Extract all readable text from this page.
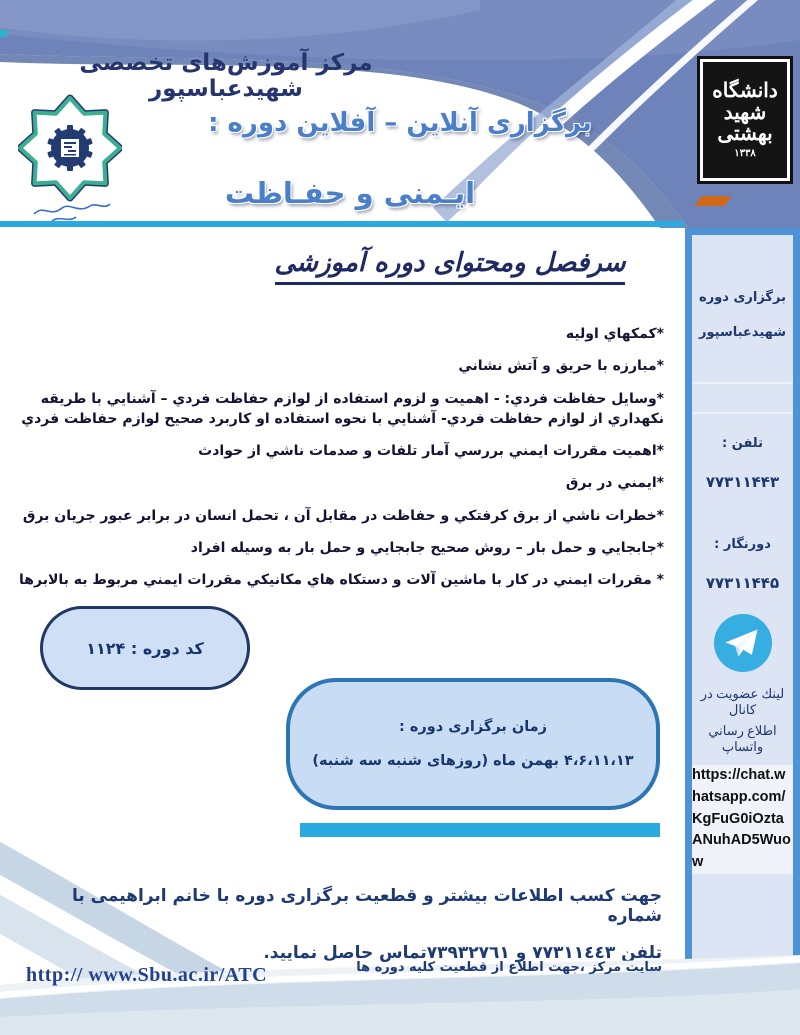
مرکز آموزش‌های تخصصی شهیدعباسپور
برگزاری آنلاین – آفلاین دوره :
ایـمنی و حفـاظت
دانشگاه
شهید
بهشتی
۱۳۳۸
برگزاری دوره
شهیدعباسپور
تلفن :
۷۷۳۱۱۴۴۳
دورنگار :
۷۷۳۱۱۴۴۵
لینك عضویت در كانال
اطلاع رساني واتساپ
https://chat.whatsapp.com/KgFuG0iOztaANuhAD5Wuow
سرفصل ومحتوای دوره آموزشی
*كمكهاي اوليه
*مبارزه با حريق و آتش نشاني
*وسايل حفاظت فردي: - اهميت و لزوم استفاده از لوازم حفاظت فردي – آشنايي با طريقه نكهداري از لوازم حفاظت فردي- آشنايي با نحوه استفاده او كاربرد صحيح لوازم حفاظت فردي
*اهميت مقررات ايمني بررسي آمار تلفات و صدمات ناشي از حوادث
*ايمني در برق
*خطرات ناشي از برق كرفتكي و حفاظت در مقابل آن ، تحمل انسان در برابر عبور جريان برق
*جابجايي و حمل بار – روش صحيح جابجايي و حمل بار به وسيله افراد
* مقررات ايمني در كار با ماشين آلات و دستكاه هاي مكانيكي مقررات ايمني مربوط به بالابرها
کد دوره : ۱۱۲۴
زمان برگزاری دوره :
۴،۶،۱۱،۱۳ بهمن ماه (روزهای شنبه سه شنبه)
جهت کسب اطلاعات بیشتر و قطعیت برگزاری دوره با خانم ابراهیمی با شماره
تلفن ٧٧٣١١٤٤٣ و ٧٣٩٣٢٧٦١تماس حاصل نمایید.
سایت مرکز ،جهت اطلاع از قطعیت کلیه دوره ها
http:// www.Sbu.ac.ir/ATC
